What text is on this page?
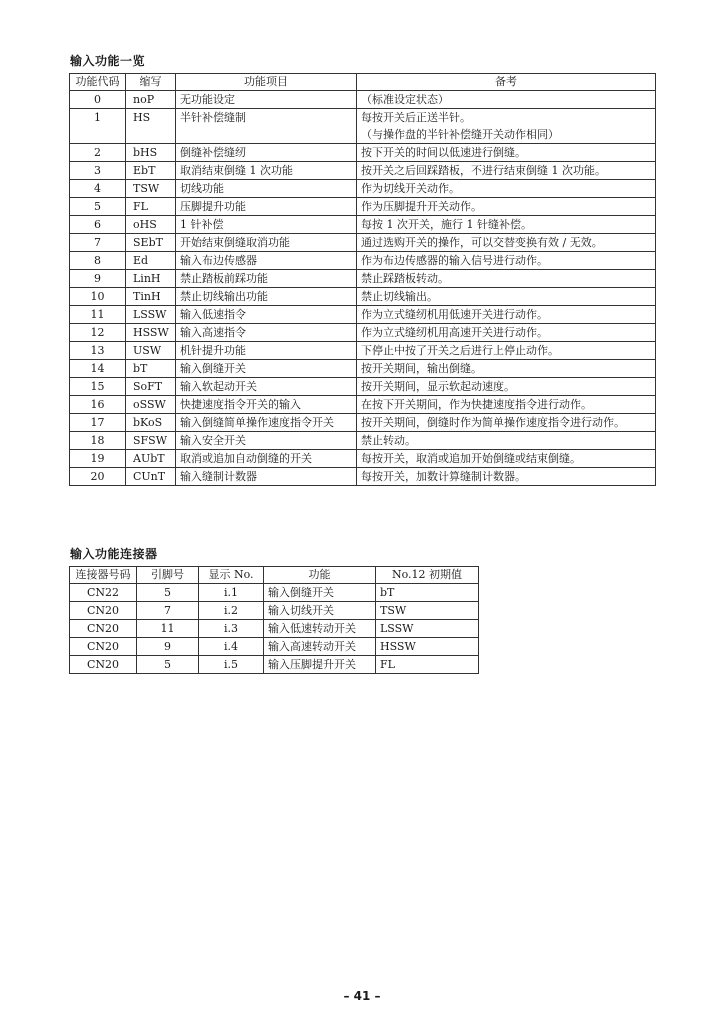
输入功能一览
功能代码	缩写	功能项目	备考
0	noP	无功能设定	（标准设定状态）
1	HS	半针补偿缝制	每按开关后正送半针。
（与操作盘的半针补偿缝开关动作相同）

2	bHS	倒缝补偿缝纫	按下开关的时间以低速进行倒缝。
3	EbT	取消结束倒缝 1 次功能	按开关之后回踩踏板，不进行结束倒缝 1 次功能。
4	TSW	切线功能	作为切线开关动作。
5	FL	压脚提升功能	作为压脚提升开关动作。
6	oHS	1 针补偿	每按 1 次开关，施行 1 针缝补偿。
7	SEbT	开始结束倒缝取消功能	通过选购开关的操作，可以交替变换有效 / 无效。
8	Ed	输入布边传感器	作为布边传感器的输入信号进行动作。
9	LinH	禁止踏板前踩功能	禁止踩踏板转动。
10	TinH	禁止切线输出功能	禁止切线输出。
11	LSSW	输入低速指令	作为立式缝纫机用低速开关进行动作。
12	HSSW	输入高速指令	作为立式缝纫机用高速开关进行动作。
13	USW	机针提升功能	下停止中按了开关之后进行上停止动作。
14	bT	输入倒缝开关	按开关期间，输出倒缝。
15	SoFT	输入软起动开关	按开关期间，显示软起动速度。
16	oSSW	快捷速度指令开关的输入	在按下开关期间，作为快捷速度指令进行动作。
17	bKoS	输入倒缝简单操作速度指令开关	按开关期间，倒缝时作为简单操作速度指令进行动作。
18	SFSW	输入安全开关	禁止转动。
19	AUbT	取消或追加自动倒缝的开关	每按开关，取消或追加开始倒缝或结束倒缝。
20	CUnT	输入缝制计数器	每按开关，加数计算缝制计数器。
输入功能连接器
连接器号码	引脚号	显示 No.	功能	No.12 初期值
CN22	5	i.1	输入倒缝开关	bT
CN20	7	i.2	输入切线开关	TSW
CN20	11	i.3	输入低速转动开关	LSSW
CN20	9	i.4	输入高速转动开关	HSSW
CN20	5	i.5	输入压脚提升开关	FL
– 41 –
